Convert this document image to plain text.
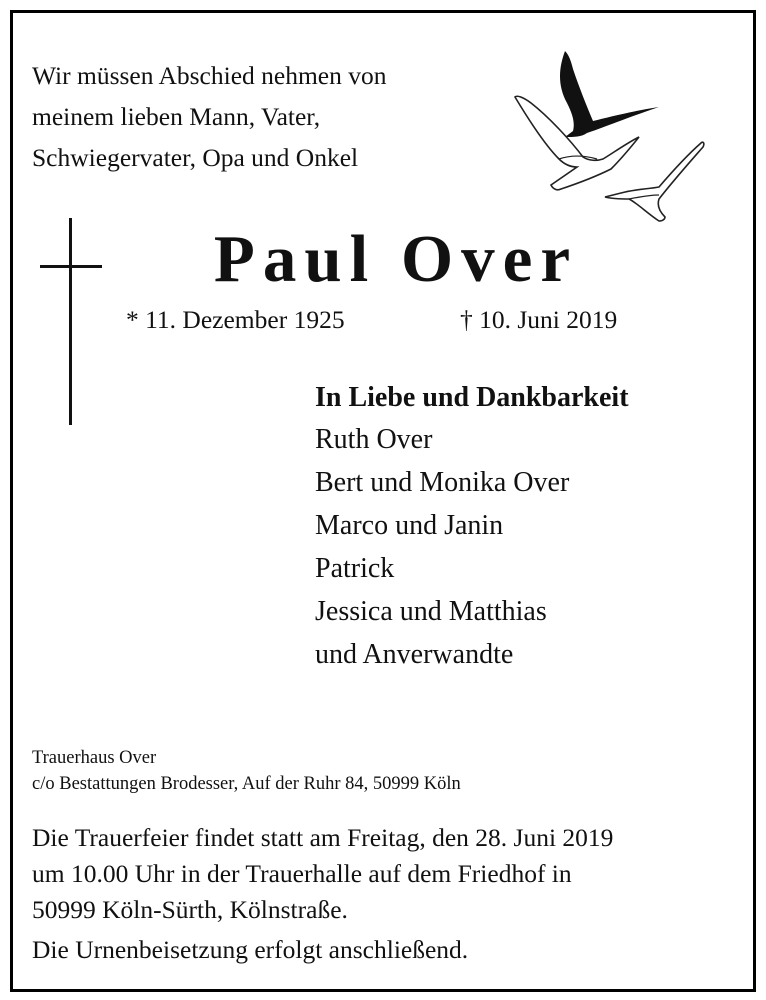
Wir müssen Abschied nehmen von
meinem lieben Mann, Vater,
Schwiegervater, Opa und Onkel
Paul Over
* 11. Dezember 1925	† 10. Juni 2019
In Liebe und Dankbarkeit
Ruth Over
Bert und Monika Over
Marco und Janin
Patrick
Jessica und Matthias
und Anverwandte
Trauerhaus Over
c/o Bestattungen Brodesser, Auf der Ruhr 84, 50999 Köln
Die Trauerfeier findet statt am Freitag, den 28. Juni 2019
um 10.00 Uhr in der Trauerhalle auf dem Friedhof in
50999 Köln-Sürth, Kölnstraße.
Die Urnenbeisetzung erfolgt anschließend.
